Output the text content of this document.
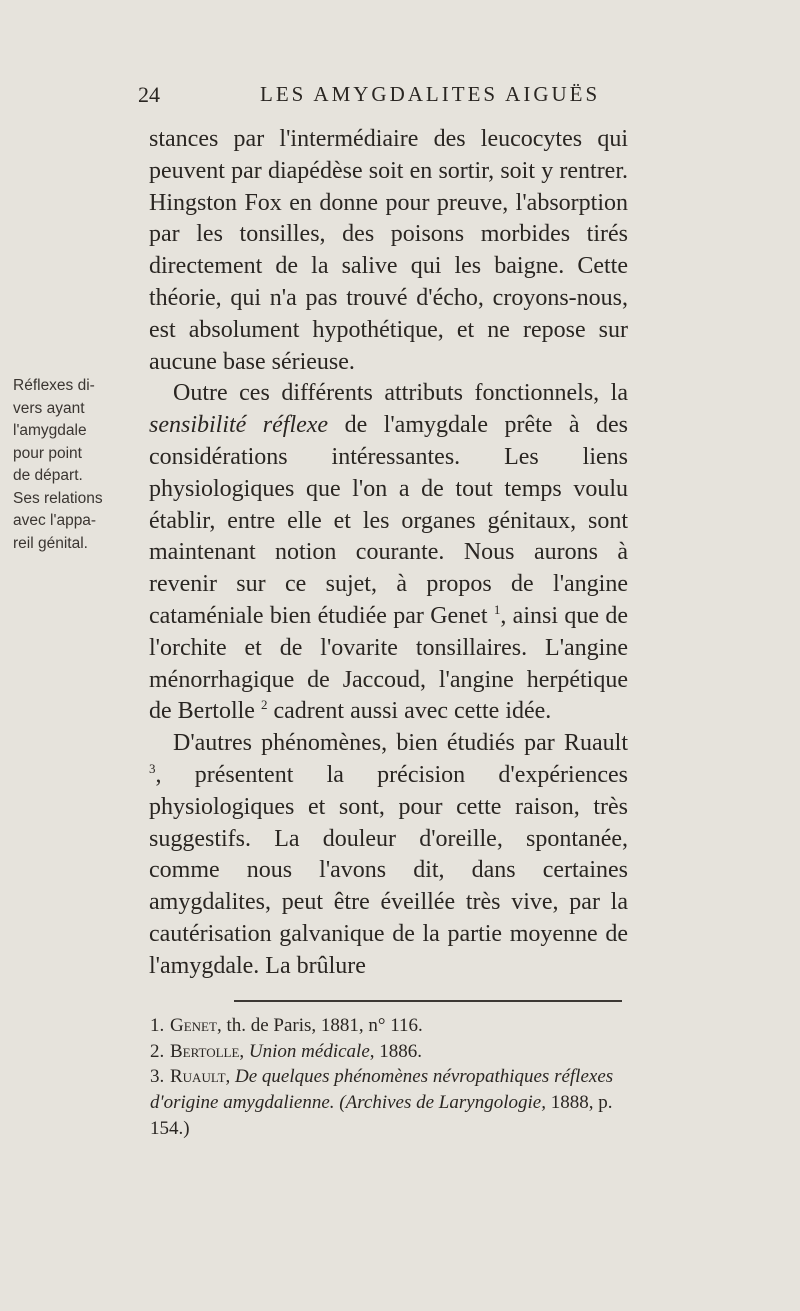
24	LES AMYGDALITES AIGUËS
Réflexes di-
vers ayant
l'amygdale
pour point
de départ.
Ses relations
avec l'appa-
reil génital.

stances par l'intermédiaire des leucocytes qui peuvent par diapédèse soit en sortir, soit y rentrer. Hingston Fox en donne pour preuve, l'absorption par les tonsilles, des poisons morbides tirés directement de la salive qui les baigne. Cette théorie, qui n'a pas trouvé d'écho, croyons-nous, est absolument hypothétique, et ne repose sur aucune base sérieuse.

Outre ces différents attributs fonctionnels, la sensibilité réflexe de l'amygdale prête à des considérations intéressantes. Les liens physiologiques que l'on a de tout temps voulu établir, entre elle et les organes génitaux, sont maintenant notion courante. Nous aurons à revenir sur ce sujet, à propos de l'angine cataméniale bien étudiée par Genet $^1$, ainsi que de l'orchite et de l'ovarite tonsillaires. L'angine ménorrhagique de Jaccoud, l'angine herpétique de Bertolle $^2$ cadrent aussi avec cette idée.

D'autres phénomènes, bien étudiés par Ruault $^3$, présentent la précision d'expériences physiologiques et sont, pour cette raison, très suggestifs. La douleur d'oreille, spontanée, comme nous l'avons dit, dans certaines amygdalites, peut être éveillée très vive, par la cautérisation galvanique de la partie moyenne de l'amygdale. La brûlure

1. Genet, th. de Paris, 1881, n° 116.

2. Bertolle, Union médicale, 1886.

3. Ruault, De quelques phénomènes névropathiques réflexes d'origine amygdalienne. (Archives de Laryngologie, 1888, p. 154.)
